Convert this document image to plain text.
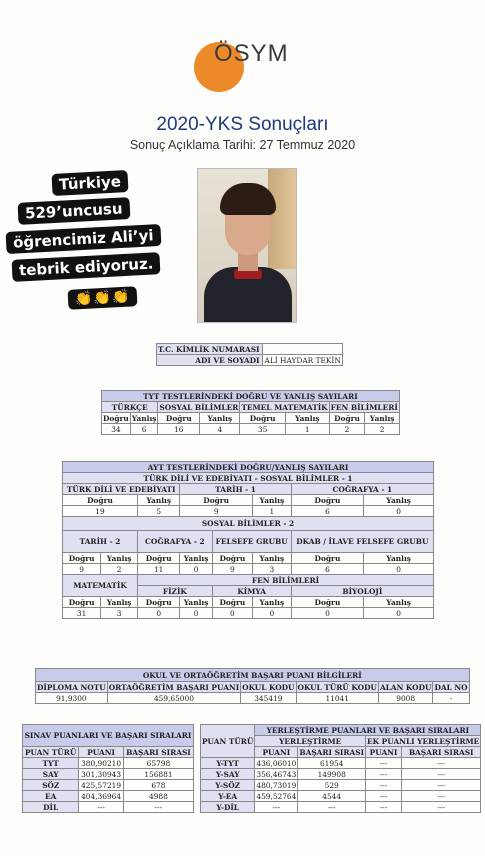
ÖSYM
2020-YKS Sonuçları
Sonuç Açıklama Tarihi: 27 Temmuz 2020
Türkiye
529’uncusu
öğrencimiz Ali’yi
tebrik ediyoruz.
👏👏👏
T.C. KİMLİK NUMARASI	
ADI VE SOYADI	ALİ HAYDAR TEKİN
TYT TESTLERİNDEKİ DOĞRU VE YANLIŞ SAYILARI							
TÜRKÇE		SOSYAL BİLİMLER		TEMEL MATEMATİK		FEN BİLİMLERİ	
Doğru	Yanlış	Doğru	Yanlış	Doğru	Yanlış	Doğru	Yanlış
34	6	16	4	35	1	2	2
AYT TESTLERİNDEKİ DOĞRU/YANLIŞ SAYILARI							
TÜRK DİLİ VE EDEBİYATI - SOSYAL BİLİMLER - 1							
TÜRK DİLİ VE EDEBİYATI			TARİH - 1			COĞRAFYA - 1	
Doğru		Yanlış	Doğru		Yanlış	Doğru	Yanlış
19		5	9		1	6	0
SOSYAL BİLİMLER - 2							
TARİH - 2		COĞRAFYA - 2		FELSEFE GRUBU		DKAB / İLAVE FELSEFE GRUBU	
Doğru	Yanlış	Doğru	Yanlış	Doğru	Yanlış	Doğru	Yanlış
9	2	11	0	9	3	6	0
MATEMATİK		FEN BİLİMLERİ					
		FİZİK		KİMYA		BİYOLOJİ	
Doğru	Yanlış	Doğru	Yanlış	Doğru	Yanlış	Doğru	Yanlış
31	3	0	0	0	0	0	0
OKUL VE ORTAÖĞRETİM BAŞARI PUANI BİLGİLERİ					
DİPLOMA NOTU	ORTAÖĞRETİM BAŞARI PUANI	OKUL KODU	OKUL TÜRÜ KODU	ALAN KODU	DAL NO
91,9300	459,65000	345419	11041	9008	-
SINAV PUANLARI VE BAŞARI SIRALARI		
PUAN TÜRÜ	PUANI	BAŞARI SIRASI
TYT	380,90210	65798
SAY	301,30943	156881
SÖZ	425,57219	678
EA	404,36964	4988
DİL	---	---
PUAN TÜRÜ	YERLEŞTİRME PUANLARI VE BAŞARI SIRALARI			
	YERLEŞTİRME		EK PUANLI YERLEŞTİRME	
	PUANI	BAŞARI SIRASI	PUANI	BAŞARI SIRASI
Y-TYT	436,06010	61954	---	---
Y-SAY	356,46743	149908	---	---
Y-SÖZ	480,73019	529	---	---
Y-EA	459,52764	4544	---	---
Y-DİL	---	---	---	---
